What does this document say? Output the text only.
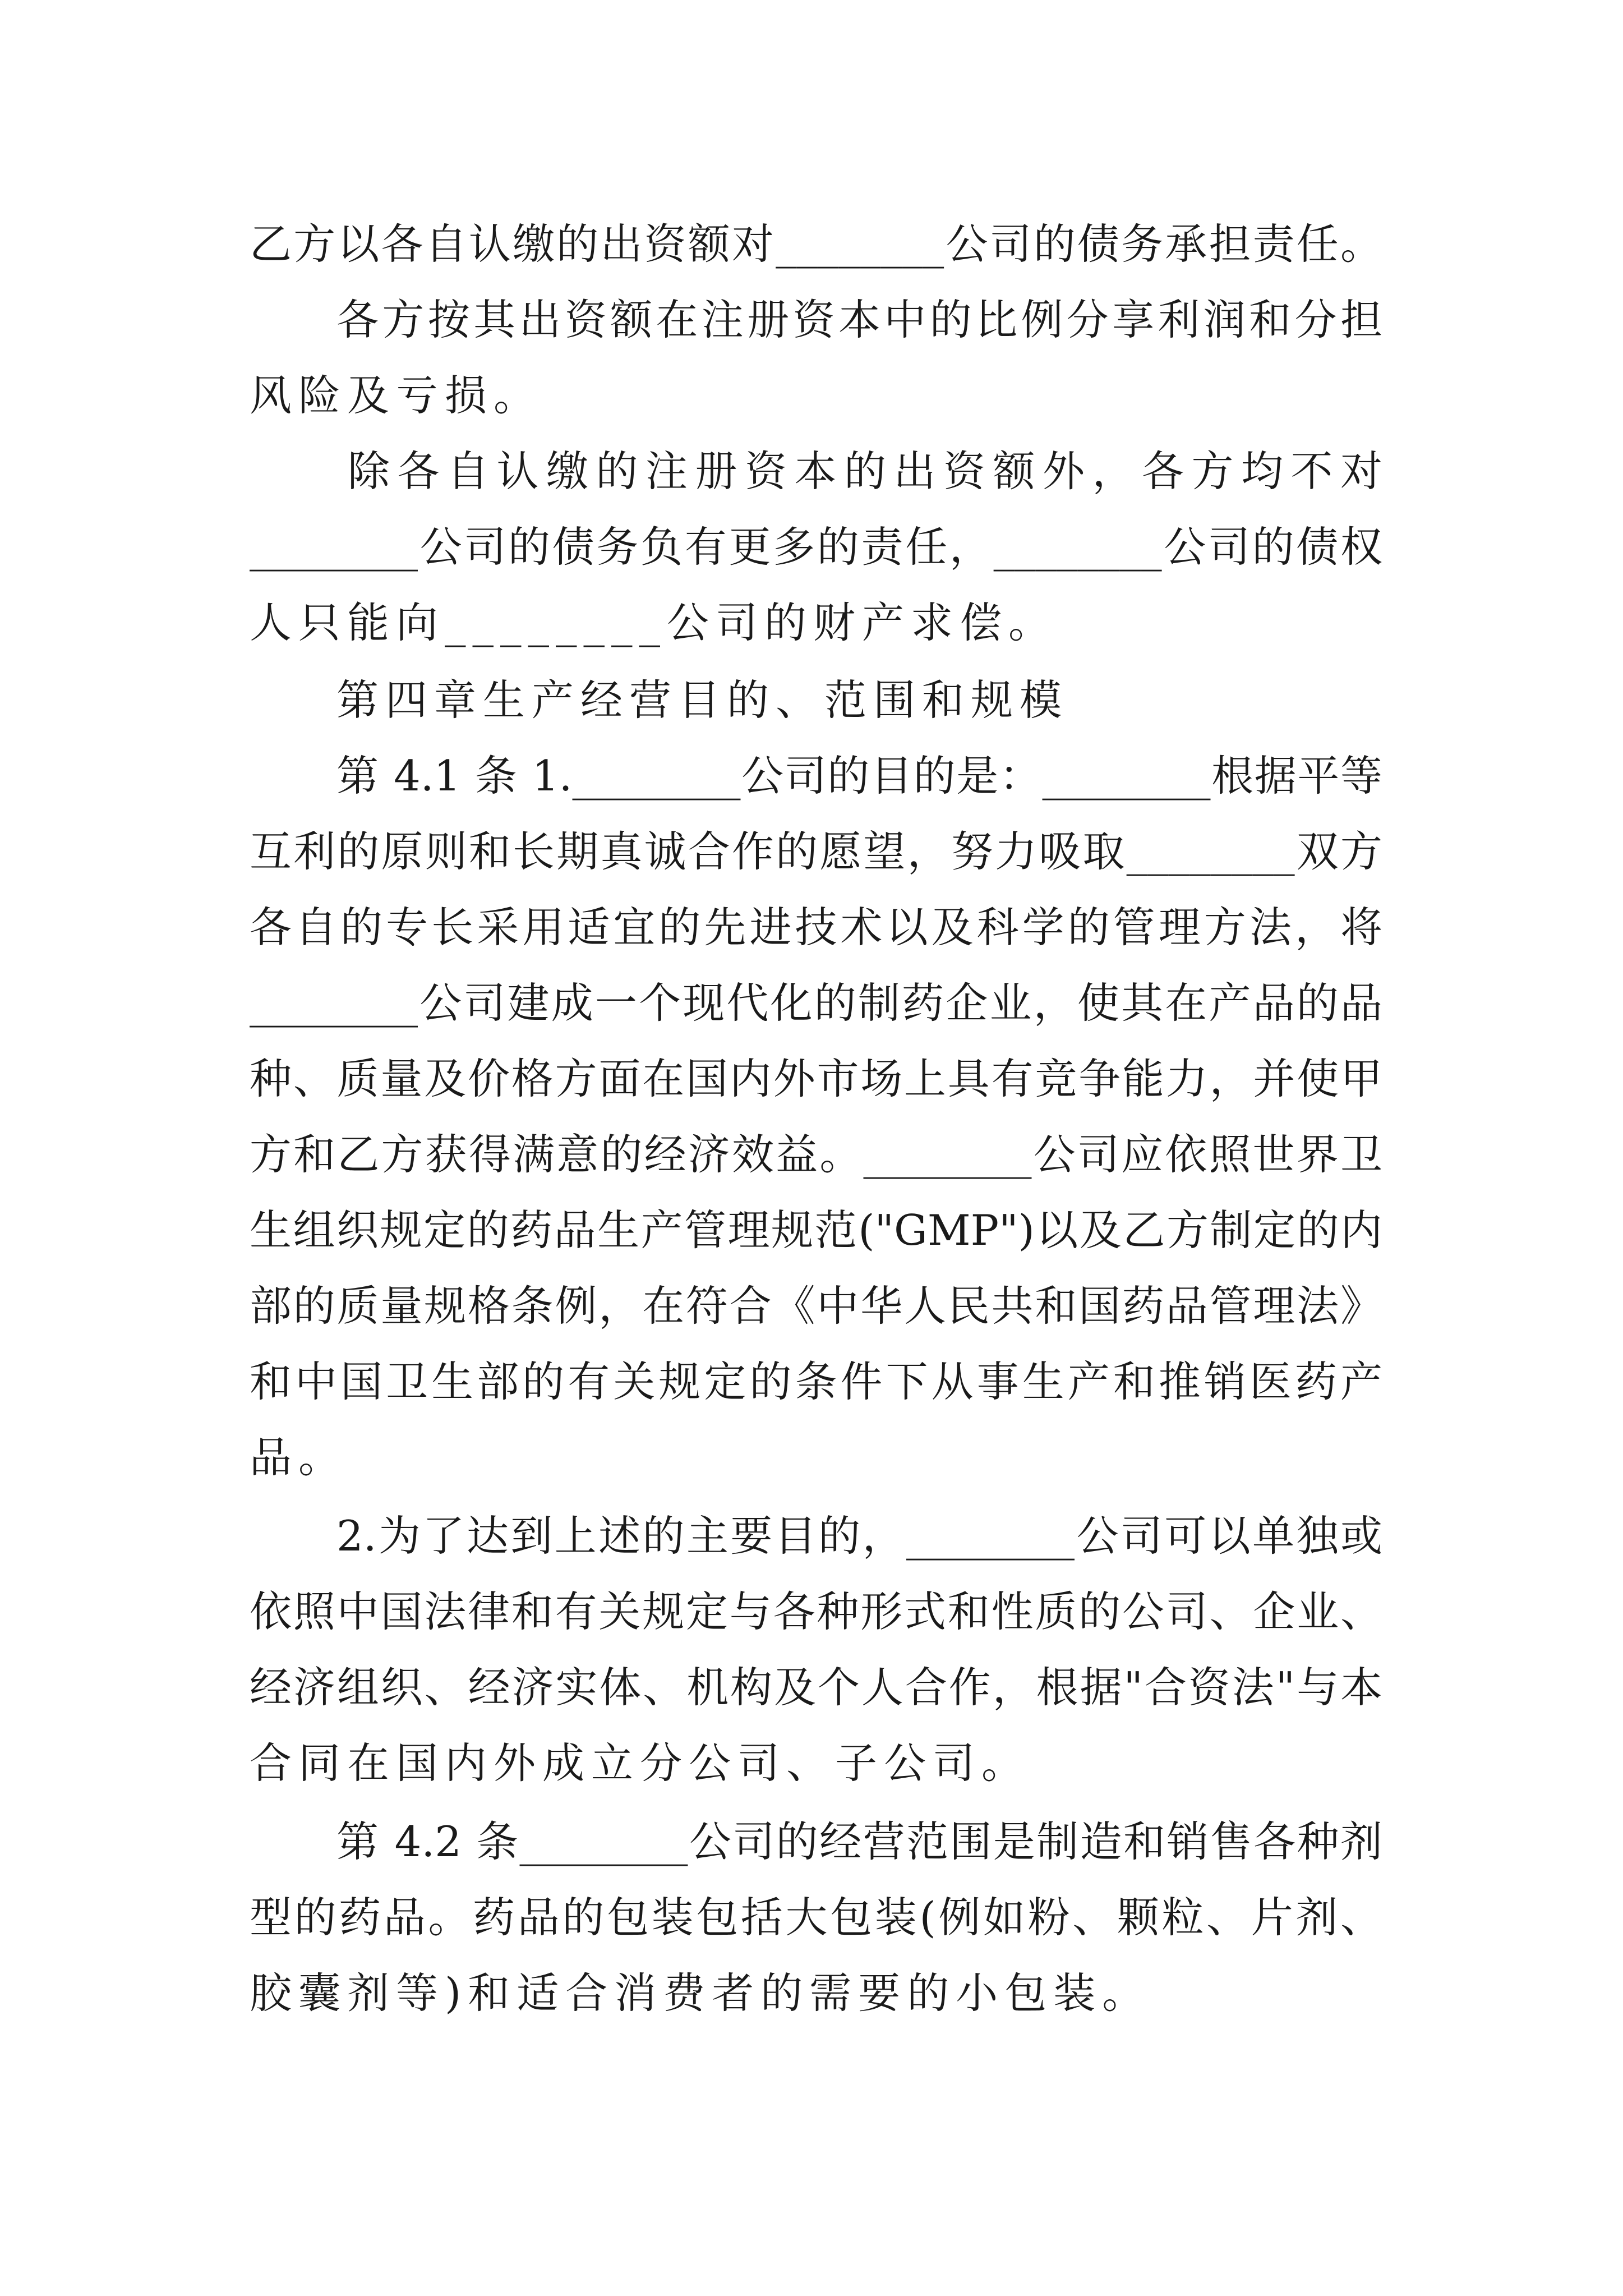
乙方以各自认缴的出资额对________公司的债务承担责任。
各方按其出资额在注册资本中的比例分享利润和分担
风险及亏损。
除各自认缴的注册资本的出资额外，各方均不对
________公司的债务负有更多的责任，________公司的债权
人只能向________公司的财产求偿。
第四章生产经营目的、范围和规模
第 4.1 条 1.________公司的目的是：________根据平等
互利的原则和长期真诚合作的愿望，努力吸取________双方
各自的专长采用适宜的先进技术以及科学的管理方法，将
________公司建成一个现代化的制药企业，使其在产品的品
种、质量及价格方面在国内外市场上具有竞争能力，并使甲
方和乙方获得满意的经济效益。________公司应依照世界卫
生组织规定的药品生产管理规范("GMP")以及乙方制定的内
部的质量规格条例，在符合《中华人民共和国药品管理法》
和中国卫生部的有关规定的条件下从事生产和推销医药产
品。
2.为了达到上述的主要目的，________公司可以单独或
依照中国法律和有关规定与各种形式和性质的公司、企业、
经济组织、经济实体、机构及个人合作，根据"合资法"与本
合同在国内外成立分公司、子公司。
第 4.2 条________公司的经营范围是制造和销售各种剂
型的药品。药品的包装包括大包装(例如粉、颗粒、片剂、
胶囊剂等)和适合消费者的需要的小包装。
